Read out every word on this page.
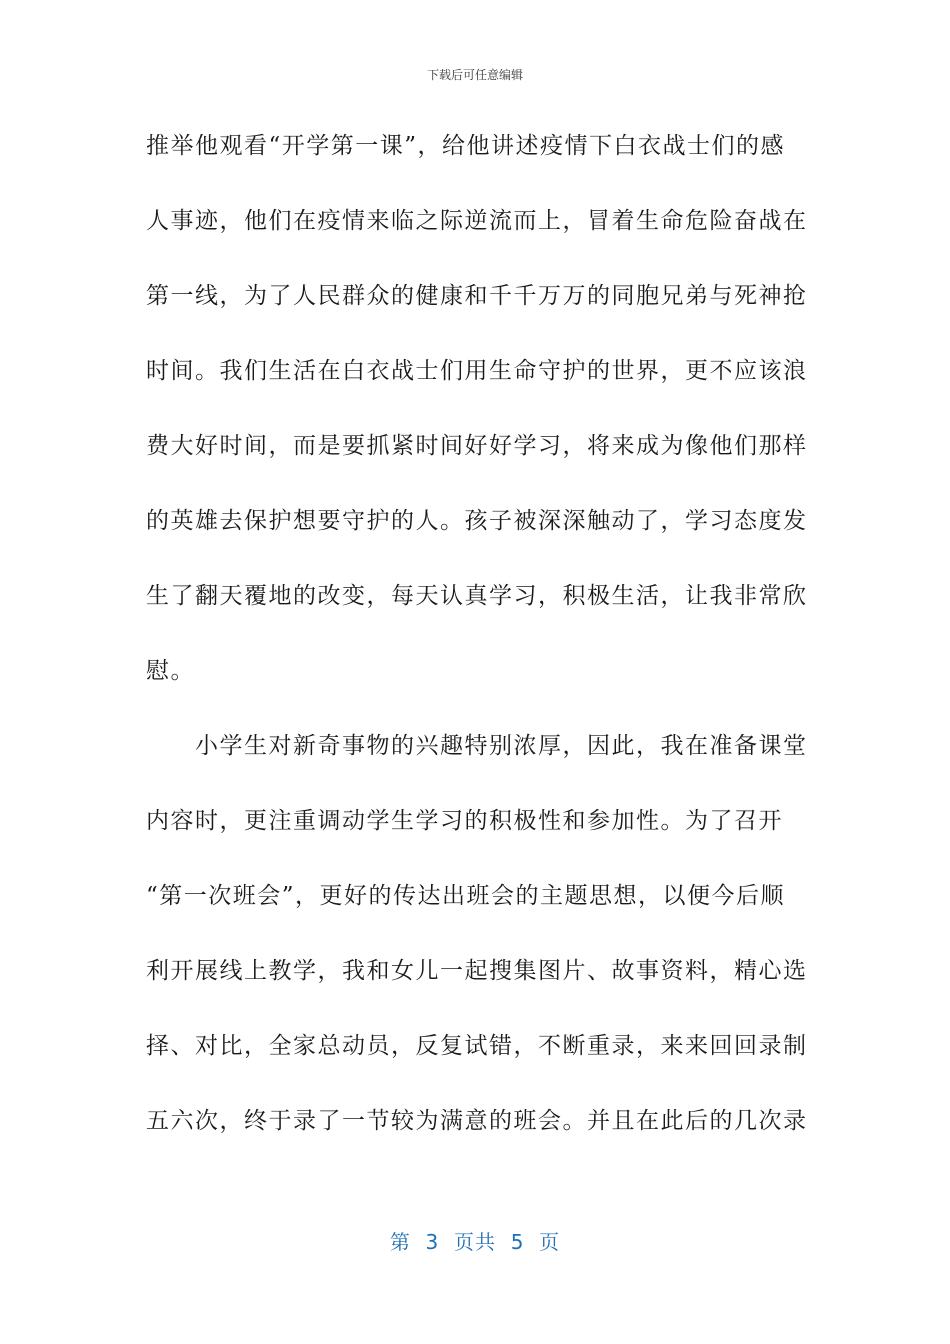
下载后可任意编辑
推举他观看“开学第一课”，给他讲述疫情下白衣战士们的感
人事迹，他们在疫情来临之际逆流而上，冒着生命危险奋战在
第一线，为了人民群众的健康和千千万万的同胞兄弟与死神抢
时间。我们生活在白衣战士们用生命守护的世界，更不应该浪
费大好时间，而是要抓紧时间好好学习，将来成为像他们那样
的英雄去保护想要守护的人。孩子被深深触动了，学习态度发
生了翻天覆地的改变，每天认真学习，积极生活，让我非常欣
慰。
　　小学生对新奇事物的兴趣特别浓厚，因此，我在准备课堂
内容时，更注重调动学生学习的积极性和参加性。为了召开
“第一次班会”，更好的传达出班会的主题思想，以便今后顺
利开展线上教学，我和女儿一起搜集图片、故事资料，精心选
择、对比，全家总动员，反复试错，不断重录，来来回回录制
五六次，终于录了一节较为满意的班会。并且在此后的几次录
第  3  页共  5  页
